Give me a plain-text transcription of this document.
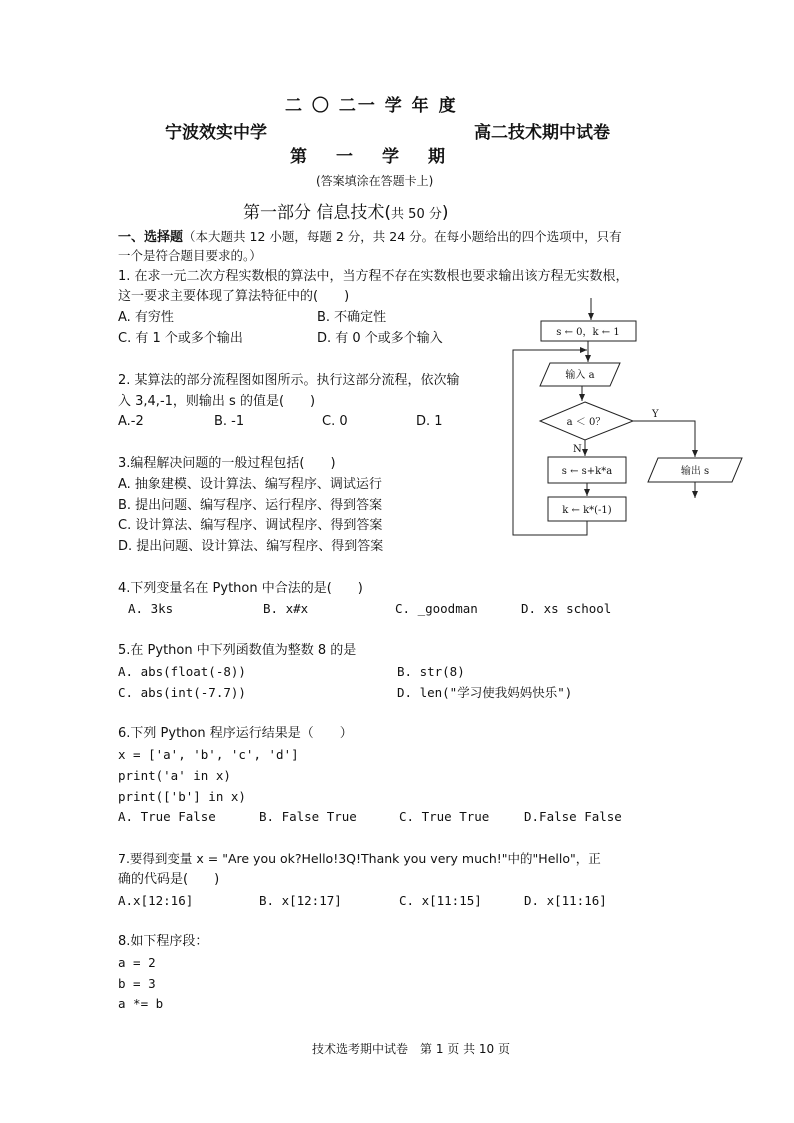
二 〇 二一 学 年 度
宁波效实中学	高二技术期中试卷
第　一　学　期
(答案填涂在答题卡上)
第一部分 信息技术(共 50 分)
一、选择题（本大题共 12 小题，每题 2 分，共 24 分。在每小题给出的四个选项中，只有
一个是符合题目要求的。）
1. 在求一元二次方程实数根的算法中，当方程不存在实数根也要求输出该方程无实数根，
这一要求主要体现了算法特征中的(　　)
A. 有穷性	B. 不确定性
C. 有 1 个或多个输出	D. 有 0 个或多个输入
2. 某算法的部分流程图如图所示。执行这部分流程，依次输
入 3,4,-1，则输出 s 的值是(　　)
A.-2	B. -1	C. 0	D. 1
3.编程解决问题的一般过程包括(　　)
A. 抽象建模、设计算法、编写程序、调试运行
B. 提出问题、编写程序、运行程序、得到答案
C. 设计算法、编写程序、调试程序、得到答案
D. 提出问题、设计算法、编写程序、得到答案
4.下列变量名在 Python 中合法的是(　　)
A. 3ks	B. x#x	C. _goodman	D. xs school
5.在 Python 中下列函数值为整数 8 的是
A. abs(float(-8))	B. str(8)
C. abs(int(-7.7))	D. len("学习使我妈妈快乐")
6.下列 Python 程序运行结果是（　　）
x = ['a', 'b', 'c', 'd']
print('a' in x)
print(['b'] in x)
A. True False	B. False True	C. True True	D.False False
7.要得到变量 x = "Are you ok?Hello!3Q!Thank you very much!"中的"Hello"，正
确的代码是(　　)
A.x[12:16]	B. x[12:17]	C. x[11:15]	D. x[11:16]
8.如下程序段：
a = 2
b = 3
a *= b
技术选考期中试卷　第 1 页 共 10 页
s ← 0，k ← 1
输入 a
a ＜ 0？
Y
输出 s
N
s ← s+k*a
k ← k*(-1)
